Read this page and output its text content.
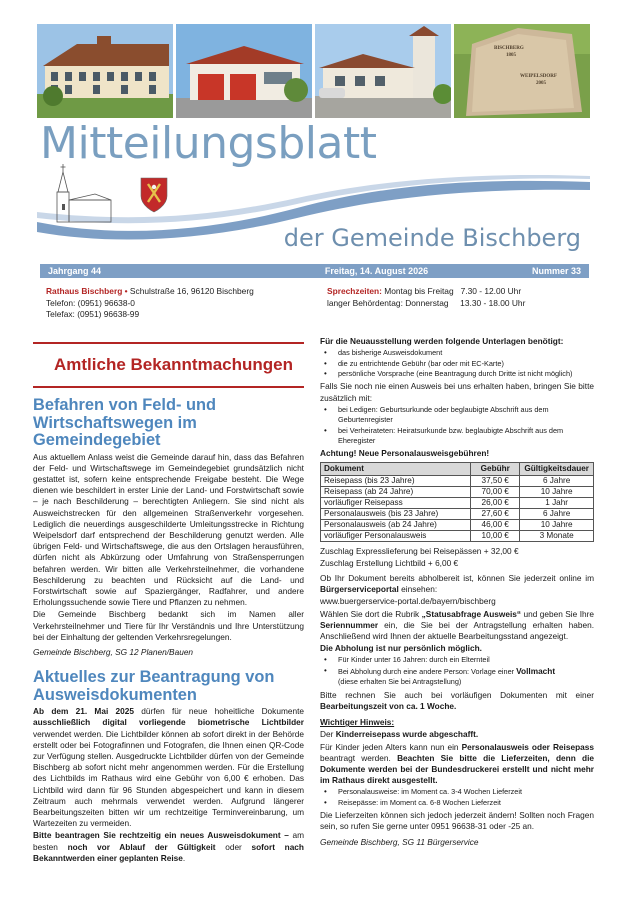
BISCHBERG
1805
WEIPELSDORF
2005
Mitteilungsblatt
der Gemeinde Bischberg
Jahrgang 44	Freitag, 14. August 2026	Nummer 33
Rathaus Bischberg • Schulstraße 16, 96120 Bischberg
Telefon: (0951) 96638-0
Telefax: (0951) 96638-99
Sprechzeiten: Montag bis Freitag 7.30 - 12.00 Uhr
langer Behördentag: Donnerstag 13.30 - 18.00 Uhr
Amtliche Bekanntmachungen
Befahren von Feld- und Wirtschaftswegen im Gemeindegebiet

Aus aktuellem Anlass weist die Gemeinde darauf hin, dass das Befahren der Feld- und Wirtschaftswege im Gemeindegebiet grundsätzlich nicht gestattet ist, sofern keine entsprechende Freigabe besteht. Die Wege dienen wie beschildert in erster Linie der Land- und Forstwirtschaft sowie – je nach Beschilderung – berechtigten Anliegern. Sie sind nicht als Ausweichstrecken für den allgemeinen Straßenverkehr vorgesehen. Lediglich die neuerdings ausgeschilderte Umleitungsstrecke in Richtung Weipelsdorf darf entsprechend der Beschilderung genutzt werden. Alle übrigen Feld- und Wirtschaftswege, die aus den Ortslagen herausführen, dürfen nicht als Abkürzung oder Umfahrung von Straßensperrungen befahren werden. Wir bitten alle Verkehrsteilnehmer, die vorhandene Beschilderung zu beachten und Rücksicht auf die Land- und Forstwirtschaft sowie auf Spaziergänger, Radfahrer, und andere Erholungssuchende sowie Tiere und Pflanzen zu nehmen.

Die Gemeinde Bischberg bedankt sich im Namen aller Verkehrsteilnehmer und Tiere für Ihr Verständnis und Ihre Unterstützung bei der Einhaltung der geltenden Verkehrsregelungen.

Gemeinde Bischberg, SG 12 Planen/Bauen

Aktuelles zur Beantragung von Ausweisdokumenten

Ab dem 21. Mai 2025 dürfen für neue hoheitliche Dokumente ausschließlich digital vorliegende biometrische Lichtbilder verwendet werden. Die Lichtbilder können ab sofort direkt in der Behörde erstellt oder bei Fotografinnen und Fotografen, die Ihnen einen QR-Code zur Verfügung stellen. Ausgedruckte Lichtbilder dürfen von der Gemeinde Bischberg ab sofort nicht mehr angenommen werden. Für die Erstellung des Lichtbilds im Rathaus wird eine Gebühr von 6,00 € erhoben. Das Lichtbild wird dann für 96 Stunden abgespeichert und kann in diesem Zeitraum auch mehrmals verwendet werden. Aufgrund längerer Bearbeitungszeiten bitten wir um rechtzeitige Terminvereinbarung, um Wartezeiten zu vermeiden.

Bitte beantragen Sie rechtzeitig ein neues Ausweisdokument – am besten noch vor Ablauf der Gültigkeit oder sofort nach Bekanntwerden einer geplanten Reise.

Für die Neuausstellung werden folgende Unterlagen benötigt:

• das bisherige Ausweisdokument
• die zu entrichtende Gebühr (bar oder mit EC-Karte)
• persönliche Vorsprache (eine Beantragung durch Dritte ist nicht möglich)

Falls Sie noch nie einen Ausweis bei uns erhalten haben, bringen Sie bitte zusätzlich mit:

• bei Ledigen: Geburtsurkunde oder beglaubigte Abschrift aus dem Geburtenregister
• bei Verheirateten: Heiratsurkunde bzw. beglaubigte Abschrift aus dem Eheregister

Achtung! Neue Personalausweisgebühren!

Dokument	Gebühr	Gültigkeitsdauer
Reisepass (bis 23 Jahre)	37,50 €	6 Jahre
Reisepass (ab 24 Jahre)	70,00 €	10 Jahre
vorläufiger Reisepass	26,00 €	1 Jahr
Personalausweis (bis 23 Jahre)	27,60 €	6 Jahre
Personalausweis (ab 24 Jahre)	46,00 €	10 Jahre
vorläufiger Personalausweis	10,00 €	3 Monate

Zuschlag Expresslieferung bei Reisepässen + 32,00 €

Zuschlag Erstellung Lichtbild + 6,00 €

Ob Ihr Dokument bereits abholbereit ist, können Sie jederzeit online im Bürgerserviceportal einsehen:

www.buergerservice-portal.de/bayern/bischberg

Wählen Sie dort die Rubrik „Statusabfrage Ausweis“ und geben Sie Ihre Seriennummer ein, die Sie bei der Antragstellung erhalten haben. Anschließend wird Ihnen der aktuelle Bearbeitungsstand angezeigt.

Die Abholung ist nur persönlich möglich.

• Für Kinder unter 16 Jahren: durch ein Elternteil
• Bei Abholung durch eine andere Person: Vorlage einer Vollmacht
(diese erhalten Sie bei Antragstellung)

Bitte rechnen Sie auch bei vorläufigen Dokumenten mit einer Bearbeitungszeit von ca. 1 Woche.

Wichtiger Hinweis:

Der Kinderreisepass wurde abgeschafft.

Für Kinder jeden Alters kann nun ein Personalausweis oder Reisepass beantragt werden. Beachten Sie bitte die Lieferzeiten, denn die Dokumente werden bei der Bundesdruckerei erstellt und nicht mehr im Rathaus direkt ausgestellt.

• Personalausweise: im Moment ca. 3-4 Wochen Lieferzeit
• Reisepässe: im Moment ca. 6-8 Wochen Lieferzeit

Die Lieferzeiten können sich jedoch jederzeit ändern! Sollten noch Fragen sein, so rufen Sie gerne unter 0951 96638-31 oder -25 an.

Gemeinde Bischberg, SG 11 Bürgerservice
